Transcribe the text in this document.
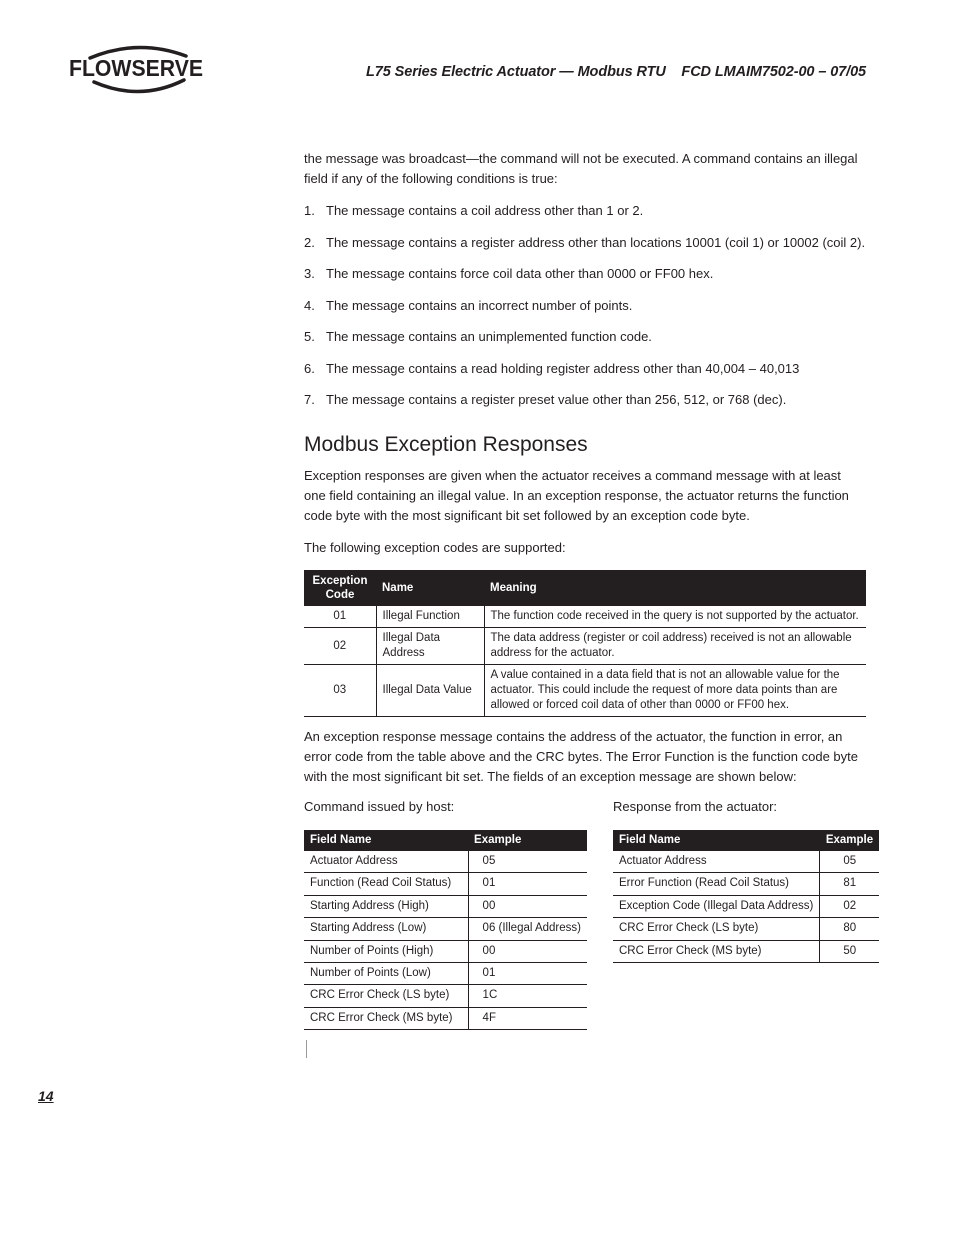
FLOWSERVE	L75 Series Electric Actuator — Modbus RTU    FCD LMAIM7502-00 – 07/05

the message was broadcast—the command will not be executed. A command contains an illegal field if any of the following conditions is true:

1. The message contains a coil address other than 1 or 2.
2. The message contains a register address other than locations 10001 (coil 1) or 10002 (coil 2).
3. The message contains force coil data other than 0000 or FF00 hex.
4. The message contains an incorrect number of points.
5. The message contains an unimplemented function code.
6. The message contains a read holding register address other than 40,004 – 40,013
7. The message contains a register preset value other than 256, 512, or 768 (dec).
Modbus Exception Responses

Exception responses are given when the actuator receives a command message with at least one field containing an illegal value. In an exception response, the actuator returns the function code byte with the most significant bit set followed by an exception code byte.

The following exception codes are supported:

Exception Code	Name	Meaning
01	Illegal Function	The function code received in the query is not supported by the actuator.
02	Illegal Data Address	The data address (register or coil address) received is not an allowable address for the actuator.
03	Illegal Data Value	A value contained in a data field that is not an allowable value for the actuator. This could include the request of more data points than are allowed or forced coil data of other than 0000 or FF00 hex.

An exception response message contains the address of the actuator, the function in error, an error code from the table above and the CRC bytes. The Error Function is the function code byte with the most significant bit set. The fields of an exception message are shown below:

Command issued by host:
Field Name	Example
Actuator Address	05
Function (Read Coil Status)	01
Starting Address (High)	00
Starting Address (Low)	06 (Illegal Address)
Number of Points (High)	00
Number of Points (Low)	01
CRC Error Check (LS byte)	1C
CRC Error Check (MS byte)	4F
Response from the actuator:
Field Name	Example
Actuator Address	05
Error Function (Read Coil Status)	81
Exception Code (Illegal Data Address)	02
CRC Error Check (LS byte)	80
CRC Error Check (MS byte)	50
14
